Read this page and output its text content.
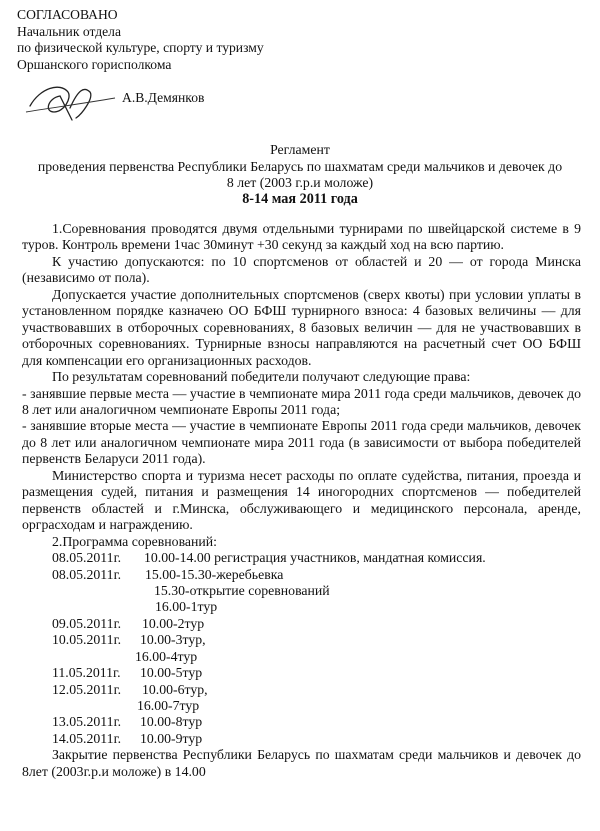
СОГЛАСОВАНО
Начальник отдела
по физической культуре, спорту и туризму
Оршанского горисполкома
А.В.Демянков
Регламент
проведения первенства Республики Беларусь по шахматам среди мальчиков и девочек до
8 лет (2003 г.р.и моложе)
8-14 мая 2011 года

1.Соревнования проводятся двумя отдельными турнирами по швейцарской системе в 9 туров. Контроль времени 1час 30минут +30 секунд за каждый ход на всю партию.

К участию допускаются: по 10 спортсменов от областей и 20 — от города Минска (независимо от пола).

Допускается участие дополнительных спортсменов (сверх квоты) при условии уплаты в установленном порядке казначею ОО БФШ турнирного взноса: 4 базовых величины — для участвовавших в отборочных соревнованиях, 8 базовых величин — для не участвовавших в отборочных соревнованиях. Турнирные взносы направляются на расчетный счет ОО БФШ для компенсации его организационных расходов.

По результатам соревнований победители получают следующие права:

- занявшие первые места — участие в чемпионате мира 2011 года среди мальчиков, девочек до 8 лет или аналогичном чемпионате Европы 2011 года;

- занявшие вторые места — участие в чемпионате Европы 2011 года среди мальчиков, девочек до 8 лет или аналогичном чемпионате мира 2011 года (в зависимости от выбора победителей первенств Беларуси 2011 года).

Министерство спорта и туризма несет расходы по оплате судейства, питания, проезда и размещения судей, питания и размещения 14 иногородних спортсменов — победителей первенств областей и г.Минска, обслуживающего и медицинского персонала, аренде, орграсходам и награждению.

2.Программа соревнований:

08.05.2011г. 10.00-14.00 регистрация участников, мандатная комиссия.
08.05.2011г. 15.00-15.30-жеребьевка
15.30-открытие соревнований
16.00-1тур
09.05.2011г. 10.00-2тур
10.05.2011г. 10.00-3тур,
16.00-4тур
11.05.2011г. 10.00-5тур
12.05.2011г. 10.00-6тур,
16.00-7тур
13.05.2011г. 10.00-8тур
14.05.2011г. 10.00-9тур

Закрытие первенства Республики Беларусь по шахматам среди мальчиков и девочек до 8лет (2003г.р.и моложе) в 14.00
